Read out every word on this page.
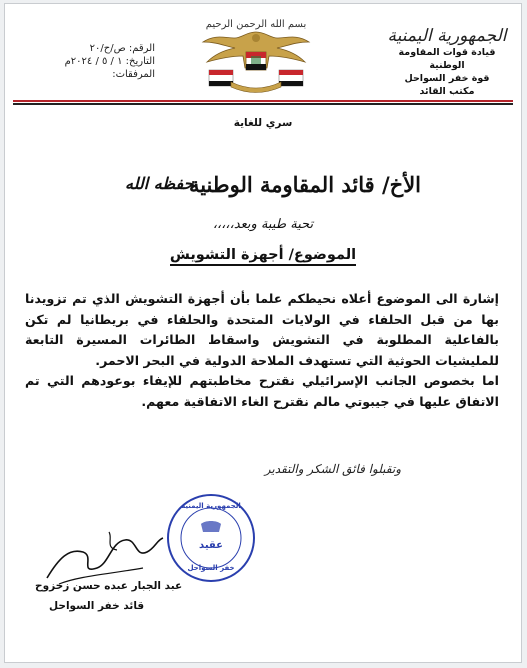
الجمهورية اليمنية
قيادة قوات المقاومة الوطنية
قوة خفر السواحل
مكتب القائد
بسم الله الرحمن الرحيم
الرقم: ص/ح/٢٠
التاريخ: ١ / ٥ / ٢٠٢٤م
المرفقات:
سري للغاية
الأخ/ قائد المقاومة الوطنية
حفظه الله
تحية طيبة وبعد،،،،،
الموضوع/ أجهزة التشويش

إشارة الى الموضوع أعلاه نحيطكم علما بأن أجهزة التشويش الذي تم تزويدنا بها من قبل الحلفاء في الولايات المتحدة والحلفاء في بريطانيا لم تكن بالفاعلية المطلوبة في التشويش واسقاط الطائرات المسيرة التابعة للمليشيات الحوثية التي تستهدف الملاحة الدولية في البحر الاحمر.

اما بخصوص الجانب الإسرائيلي نقترح مخاطبتهم للإيفاء بوعودهم التي تم الاتفاق عليها في جيبوتي مالم نقترح الغاء الاتفاقية معهم.

وتقبلوا فائق الشكر والتقدير
الجمهورية اليمنية
عقيد
خفر السواحل
عبد الجبار عبده حسن زحزوح
قائد خفر السواحل
